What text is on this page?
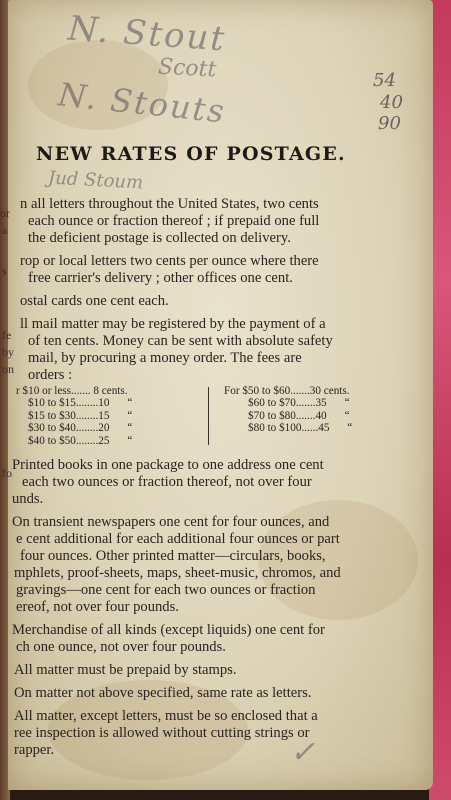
N. Stout
Scott
N. Stouts	54
40
90
Jud Stoum
NEW RATES OF POSTAGE.
or
a
s
fe
by
on
n all letters throughout the United States, two cents
each ounce or fraction thereof ; if prepaid one full
the deficient postage is collected on delivery.
rop or local letters two cents per ounce where there
free carrier's delivery ; other offices one cent.
ostal cards one cent each.
ll mail matter may be registered by the payment of a
of ten cents. Money can be sent with absolute safety
mail, by procuring a money order. The fees are
orders :
r $10 or less....... 8 cents.
$10 to $15........10 “
$15 to $30........15 “
$30 to $40........20 “
$40 to $50........25 “
For $50 to $60.......30 cents.
$60 to $70.......35 “
$70 to $80.......40 “
$80 to $100......45 “
fo Printed books in one package to one address one cent
each two ounces or fraction thereof, not over four
unds.
On transient newspapers one cent for four ounces, and
e cent additional for each additional four ounces or part
four ounces. Other printed matter—circulars, books,
mphlets, proof-sheets, maps, sheet-music, chromos, and
gravings—one cent for each two ounces or fraction
ereof, not over four pounds.
Merchandise of all kinds (except liquids) one cent for
ch one ounce, not over four pounds.
All matter must be prepaid by stamps.
On matter not above specified, same rate as letters.
All matter, except letters, must be so enclosed that a
ree inspection is allowed without cutting strings or
rapper.	✓
